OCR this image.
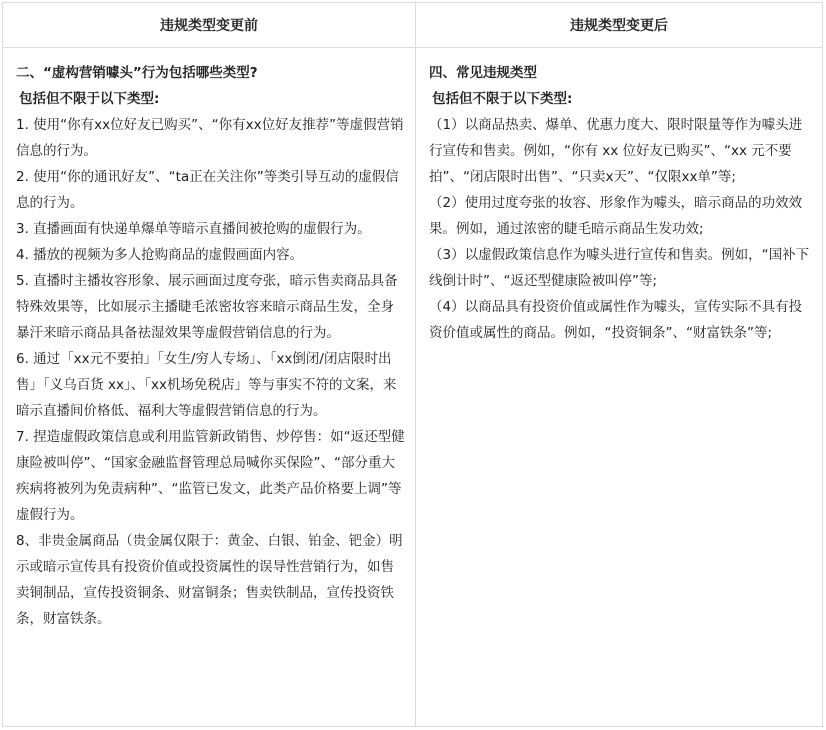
违规类型变更前	违规类型变更后

二、“虚构营销噱头”行为包括哪些类型?

包括但不限于以下类型:

1. 使用“你有xx位好友已购买”、“你有xx位好友推荐”等虚假营销信息的行为。

2. 使用“你的通讯好友”、“ta正在关注你”等类引导互动的虚假信息的行为。

3. 直播画面有快递单爆单等暗示直播间被抢购的虚假行为。

4. 播放的视频为多人抢购商品的虚假画面内容。

5. 直播时主播妆容形象、展示画面过度夸张，暗示售卖商品具备特殊效果等，比如展示主播睫毛浓密妆容来暗示商品生发，全身暴汗来暗示商品具备祛湿效果等虚假营销信息的行为。

6. 通过「xx元不要拍」「女生/穷人专场」、「xx倒闭/闭店限时出售」「义乌百货 xx」、「xx机场免税店」等与事实不符的文案，来暗示直播间价格低、福利大等虚假营销信息的行为。

7. 捏造虚假政策信息或利用监管新政销售、炒停售：如“返还型健康险被叫停”、“国家金融监督管理总局喊你买保险”、“部分重大疾病将被列为免责病种”、“监管已发文，此类产品价格要上调”等虚假行为。

8、非贵金属商品（贵金属仅限于：黄金、白银、铂金、钯金）明示或暗示宣传具有投资价值或投资属性的误导性营销行为，如售卖铜制品，宣传投资铜条、财富铜条；售卖铁制品，宣传投资铁条，财富铁条。

四、常见违规类型

包括但不限于以下类型:

（1）以商品热卖、爆单、优惠力度大、限时限量等作为噱头进行宣传和售卖。例如，“你有 xx 位好友已购买”、“xx 元不要拍”、“闭店限时出售”、“只卖x天”、“仅限xx单”等;

（2）使用过度夸张的妆容、形象作为噱头，暗示商品的功效效果。例如，通过浓密的睫毛暗示商品生发功效;

（3）以虚假政策信息作为噱头进行宣传和售卖。例如，“国补下线倒计时”、“返还型健康险被叫停”等;

（4）以商品具有投资价值或属性作为噱头，宣传实际不具有投资价值或属性的商品。例如，“投资铜条”、“财富铁条”等;
